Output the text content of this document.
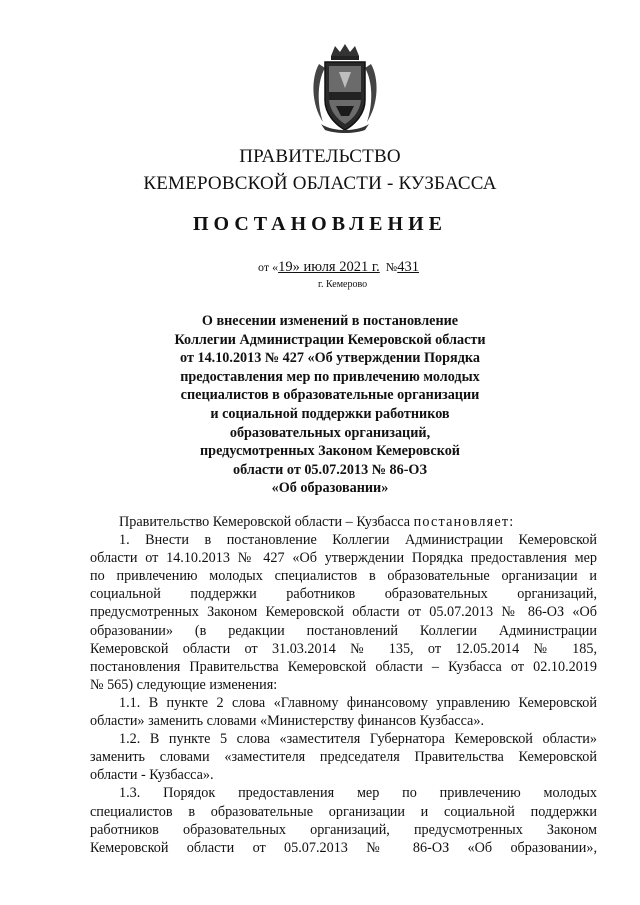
ПРАВИТЕЛЬСТВО
КЕМЕРОВСКОЙ ОБЛАСТИ - КУЗБАССА
ПОСТАНОВЛЕНИЕ
от «19» июля 2021 г. №431
г. Кемерово
О внесении изменений в постановление
Коллегии Администрации Кемеровской области
от 14.10.2013 № 427 «Об утверждении Порядка
предоставления мер по привлечению молодых
специалистов в образовательные организации
и социальной поддержки работников
образовательных организаций,
предусмотренных Законом Кемеровской
области от 05.07.2013 № 86-ОЗ
«Об образовании»
Правительство Кемеровской области – Кузбасса постановляет:
1. Внести в постановление Коллегии Администрации Кемеровской
области от 14.10.2013 № 427 «Об утверждении Порядка предоставления мер
по привлечению молодых специалистов в образовательные организации и
социальной поддержки работников образовательных организаций,
предусмотренных Законом Кемеровской области от 05.07.2013 № 86-ОЗ «Об
образовании» (в редакции постановлений Коллегии Администрации
Кемеровской области от 31.03.2014 № 135, от 12.05.2014 № 185,
постановления Правительства Кемеровской области – Кузбасса от 02.10.2019
№ 565) следующие изменения:
1.1. В пункте 2 слова «Главному финансовому управлению Кемеровской
области» заменить словами «Министерству финансов Кузбасса».
1.2. В пункте 5 слова «заместителя Губернатора Кемеровской области»
заменить словами «заместителя председателя Правительства Кемеровской
области - Кузбасса».
1.3. Порядок предоставления мер по привлечению молодых
специалистов в образовательные организации и социальной поддержки
работников образовательных организаций, предусмотренных Законом
Кемеровской области от 05.07.2013 № 86-ОЗ «Об образовании»,
